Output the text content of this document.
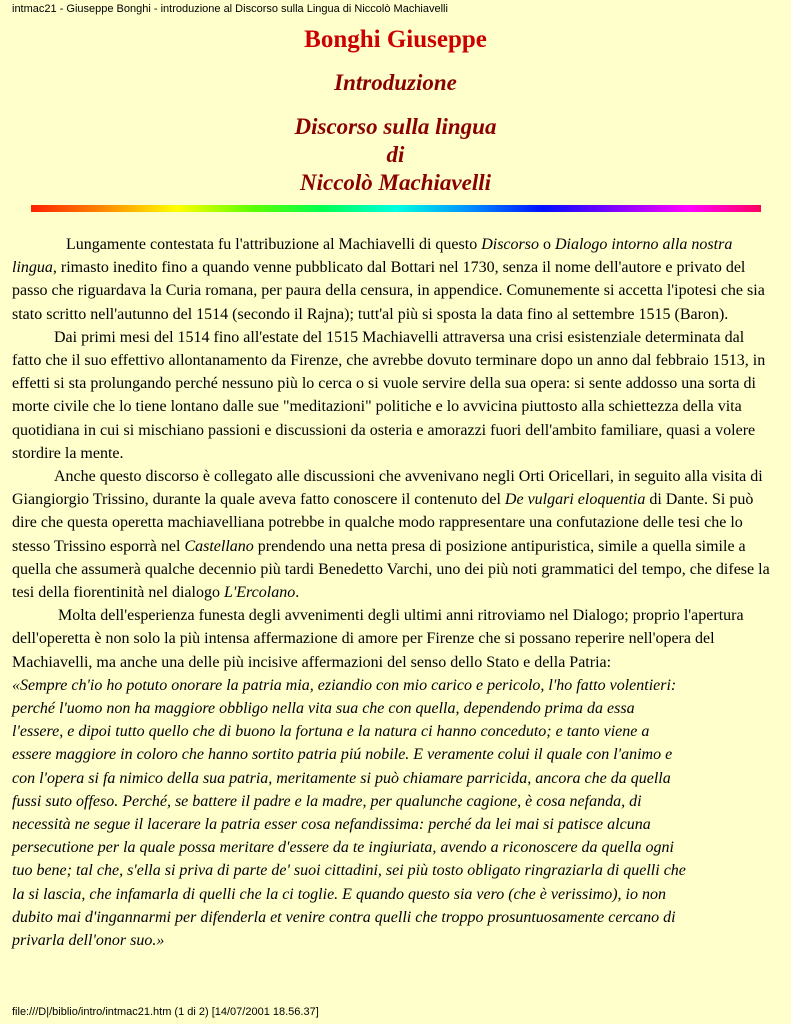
intmac21 - Giuseppe Bonghi - introduzione al Discorso sulla Lingua di Niccolò Machiavelli
Bonghi Giuseppe
Introduzione
Discorso sulla lingua
di
Niccolò Machiavelli

Lungamente contestata fu l'attribuzione al Machiavelli di questo Discorso o Dialogo intorno alla nostra lingua, rimasto inedito fino a quando venne pubblicato dal Bottari nel 1730, senza il nome dell'autore e privato del passo che riguardava la Curia romana, per paura della censura, in appendice. Comunemente si accetta l'ipotesi che sia stato scritto nell'autunno del 1514 (secondo il Rajna); tutt'al più si sposta la data fino al settembre 1515 (Baron).

Dai primi mesi del 1514 fino all'estate del 1515 Machiavelli attraversa una crisi esistenziale determinata dal fatto che il suo effettivo allontanamento da Firenze, che avrebbe dovuto terminare dopo un anno dal febbraio 1513, in effetti si sta prolungando perché nessuno più lo cerca o si vuole servire della sua opera: si sente addosso una sorta di morte civile che lo tiene lontano dalle sue "meditazioni" politiche e lo avvicina piuttosto alla schiettezza della vita quotidiana in cui si mischiano passioni e discussioni da osteria e amorazzi fuori dell'ambito familiare, quasi a volere stordire la mente.

Anche questo discorso è collegato alle discussioni che avvenivano negli Orti Oricellari, in seguito alla visita di Giangiorgio Trissino, durante la quale aveva fatto conoscere il contenuto del De vulgari eloquentia di Dante. Si può dire che questa operetta machiavelliana potrebbe in qualche modo rappresentare una confutazione delle tesi che lo stesso Trissino esporrà nel Castellano prendendo una netta presa di posizione antipuristica, simile a quella simile a quella che assumerà qualche decennio più tardi Benedetto Varchi, uno dei più noti grammatici del tempo, che difese la tesi della fiorentinità nel dialogo L'Ercolano.

Molta dell'esperienza funesta degli avvenimenti degli ultimi anni ritroviamo nel Dialogo; proprio l'apertura dell'operetta è non solo la più intensa affermazione di amore per Firenze che si possano reperire nell'opera del Machiavelli, ma anche una delle più incisive affermazioni del senso dello Stato e della Patria:

«Sempre ch'io ho potuto onorare la patria mia, eziandio con mio carico e pericolo, l'ho fatto volentieri: perché l'uomo non ha maggiore obbligo nella vita sua che con quella, dependendo prima da essa l'essere, e dipoi tutto quello che di buono la fortuna e la natura ci hanno conceduto; e tanto viene a essere maggiore in coloro che hanno sortito patria piú nobile. E veramente colui il quale con l'animo e con l'opera si fa nimico della sua patria, meritamente si può chiamare parricida, ancora che da quella fussi suto offeso. Perché, se battere il padre e la madre, per qualunche cagione, è cosa nefanda, di necessità ne segue il lacerare la patria esser cosa nefandissima: perché da lei mai si patisce alcuna persecutione per la quale possa meritare d'essere da te ingiuriata, avendo a riconoscere da quella ogni tuo bene; tal che, s'ella si priva di parte de' suoi cittadini, sei più tosto obligato ringraziarla di quelli che la si lascia, che infamarla di quelli che la ci toglie. E quando questo sia vero (che è verissimo), io non dubito mai d'ingannarmi per difenderla et venire contra quelli che troppo prosuntuosamente cercano di privarla dell'onor suo.»

file:///D|/biblio/intro/intmac21.htm (1 di 2) [14/07/2001 18.56.37]
